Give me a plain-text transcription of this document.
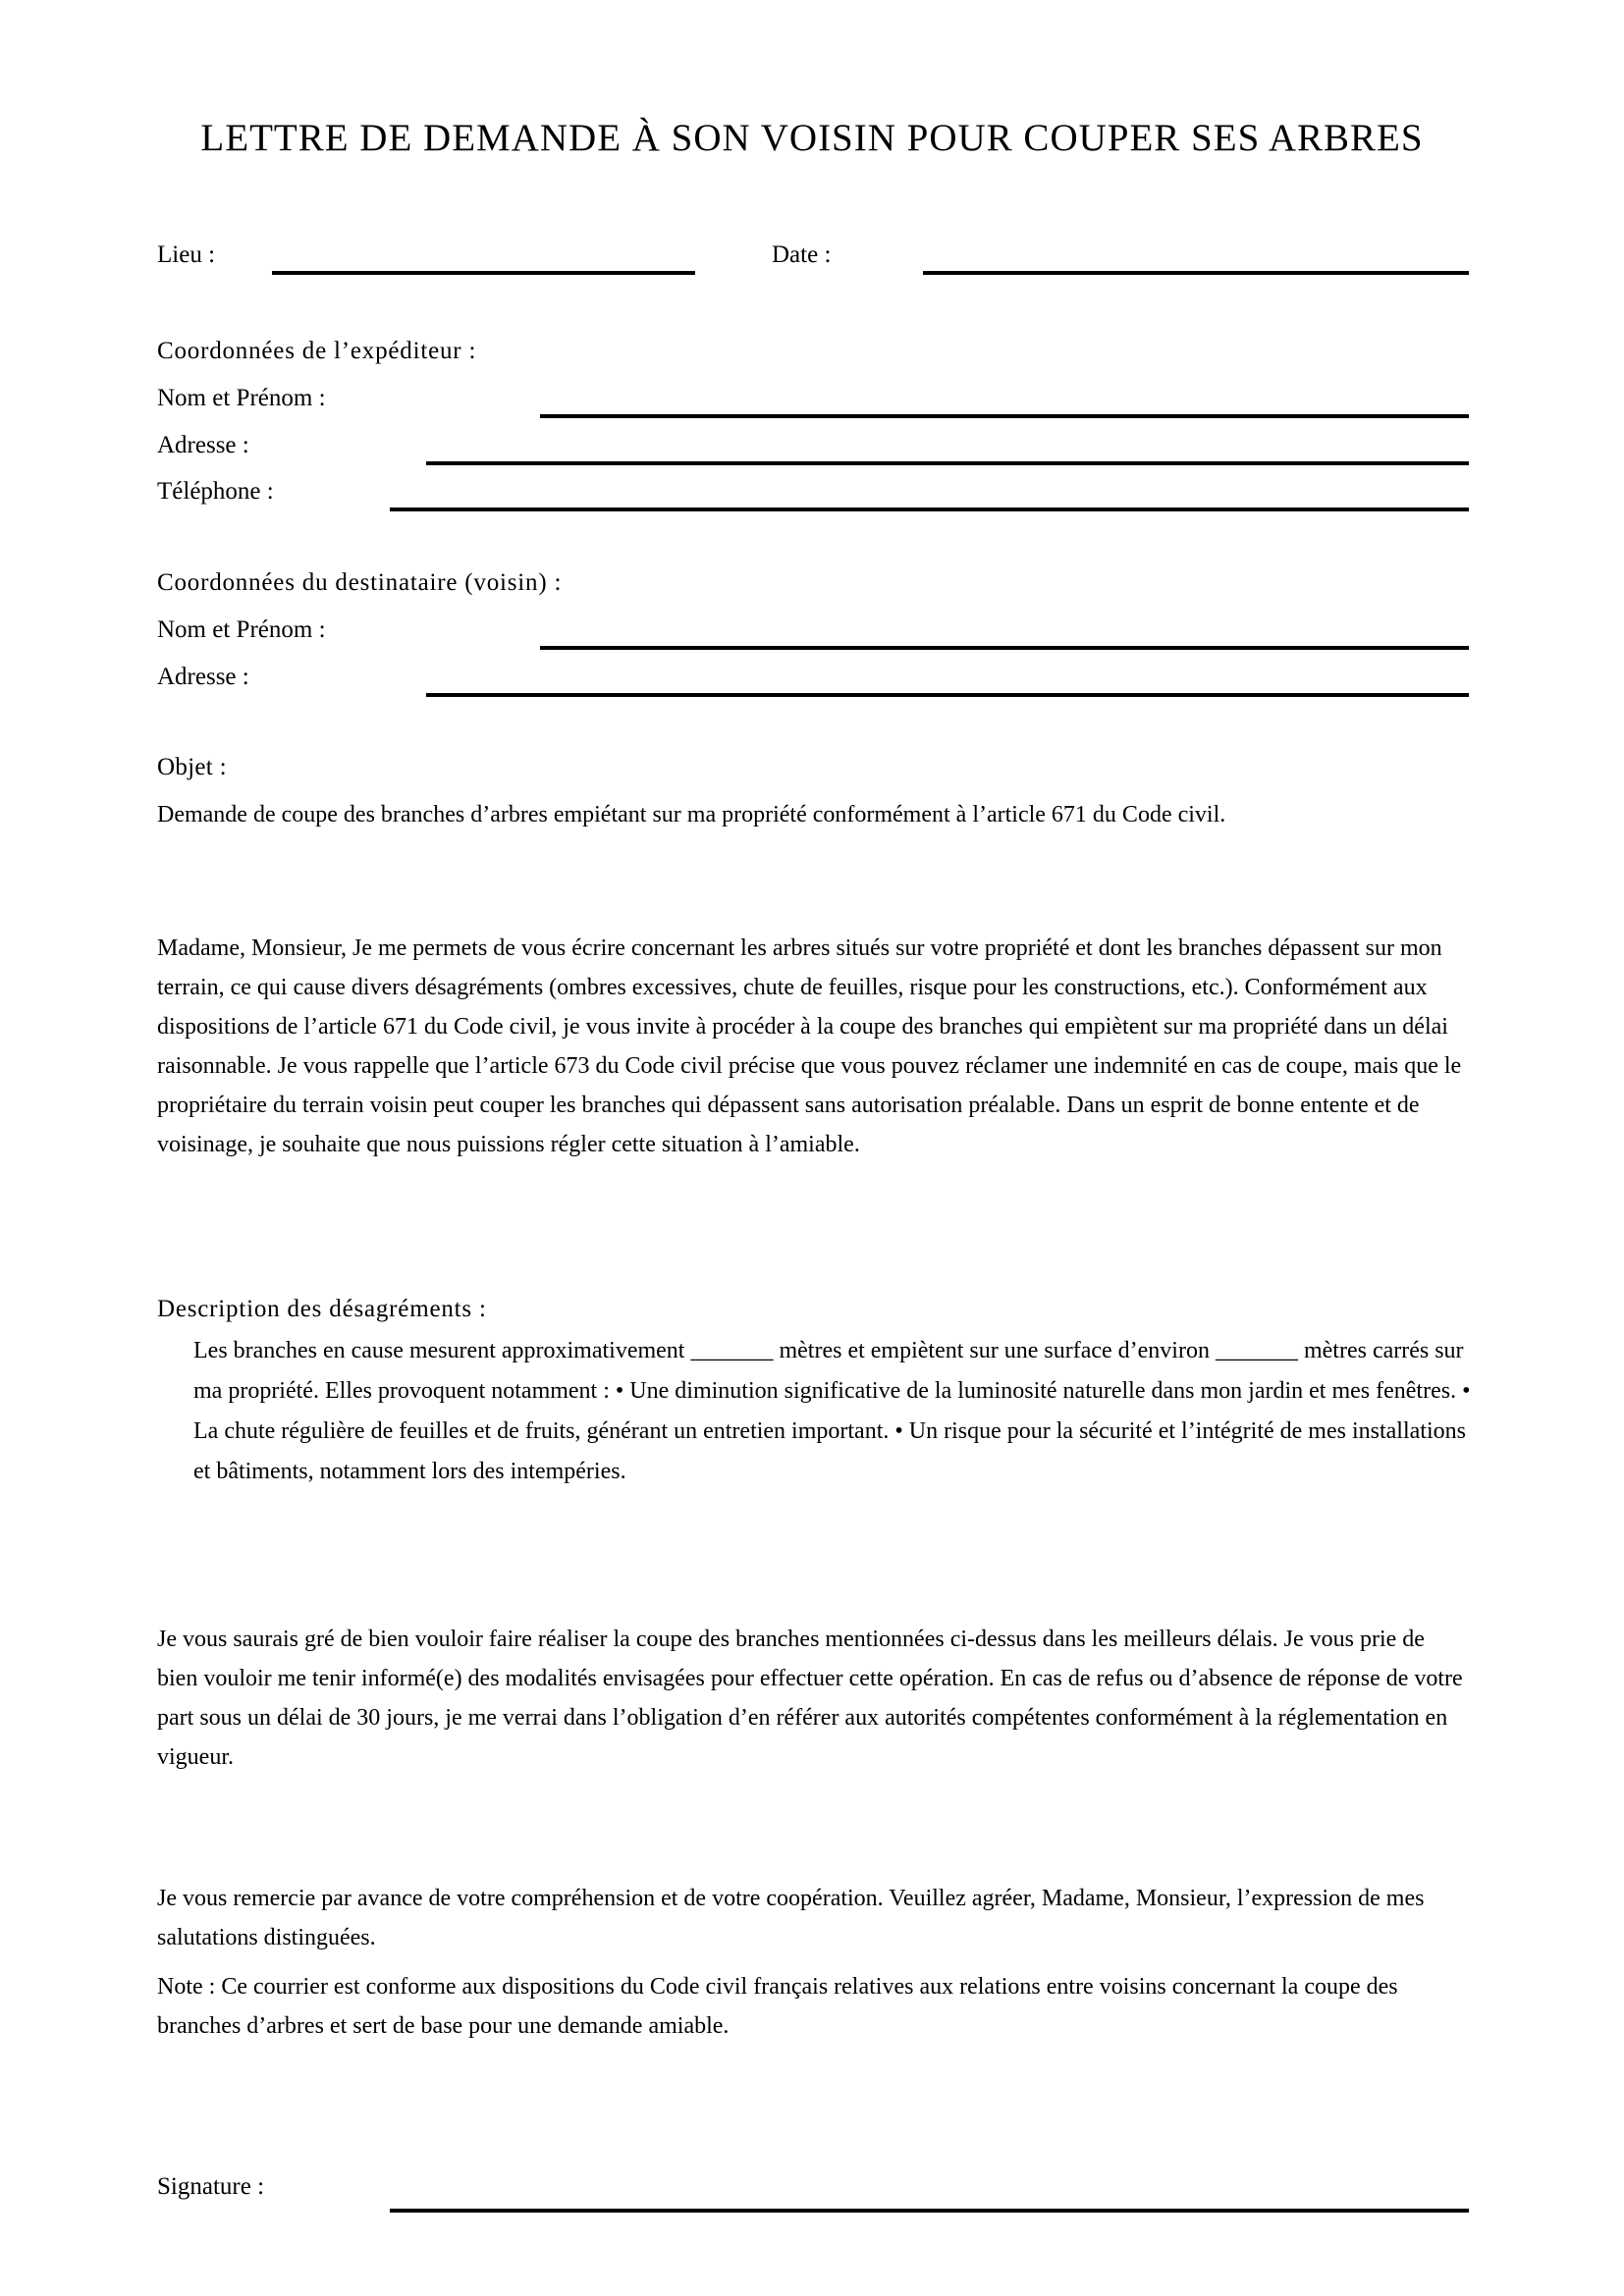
LETTRE DE DEMANDE À SON VOISIN POUR COUPER SES ARBRES
Lieu :	Date :
Coordonnées de l’expéditeur :
Nom et Prénom :
Adresse :
Téléphone :
Coordonnées du destinataire (voisin) :
Nom et Prénom :
Adresse :
Objet :
Demande de coupe des branches d’arbres empiétant sur ma propriété conformément à l’article 671 du Code civil.
Madame, Monsieur, Je me permets de vous écrire concernant les arbres situés sur votre propriété et dont les branches dépassent sur mon terrain, ce qui cause divers désagréments (ombres excessives, chute de feuilles, risque pour les constructions, etc.). Conformément aux dispositions de l’article 671 du Code civil, je vous invite à procéder à la coupe des branches qui empiètent sur ma propriété dans un délai raisonnable. Je vous rappelle que l’article 673 du Code civil précise que vous pouvez réclamer une indemnité en cas de coupe, mais que le propriétaire du terrain voisin peut couper les branches qui dépassent sans autorisation préalable. Dans un esprit de bonne entente et de voisinage, je souhaite que nous puissions régler cette situation à l’amiable.
Description des désagréments :
Les branches en cause mesurent approximativement _______ mètres et empiètent sur une surface d’environ _______ mètres carrés sur ma propriété. Elles provoquent notamment : • Une diminution significative de la luminosité naturelle dans mon jardin et mes fenêtres. • La chute régulière de feuilles et de fruits, générant un entretien important. • Un risque pour la sécurité et l’intégrité de mes installations et bâtiments, notamment lors des intempéries.
Je vous saurais gré de bien vouloir faire réaliser la coupe des branches mentionnées ci-dessus dans les meilleurs délais. Je vous prie de bien vouloir me tenir informé(e) des modalités envisagées pour effectuer cette opération. En cas de refus ou d’absence de réponse de votre part sous un délai de 30 jours, je me verrai dans l’obligation d’en référer aux autorités compétentes conformément à la réglementation en vigueur.
Je vous remercie par avance de votre compréhension et de votre coopération. Veuillez agréer, Madame, Monsieur, l’expression de mes salutations distinguées.
Note : Ce courrier est conforme aux dispositions du Code civil français relatives aux relations entre voisins concernant la coupe des branches d’arbres et sert de base pour une demande amiable.
Signature :
